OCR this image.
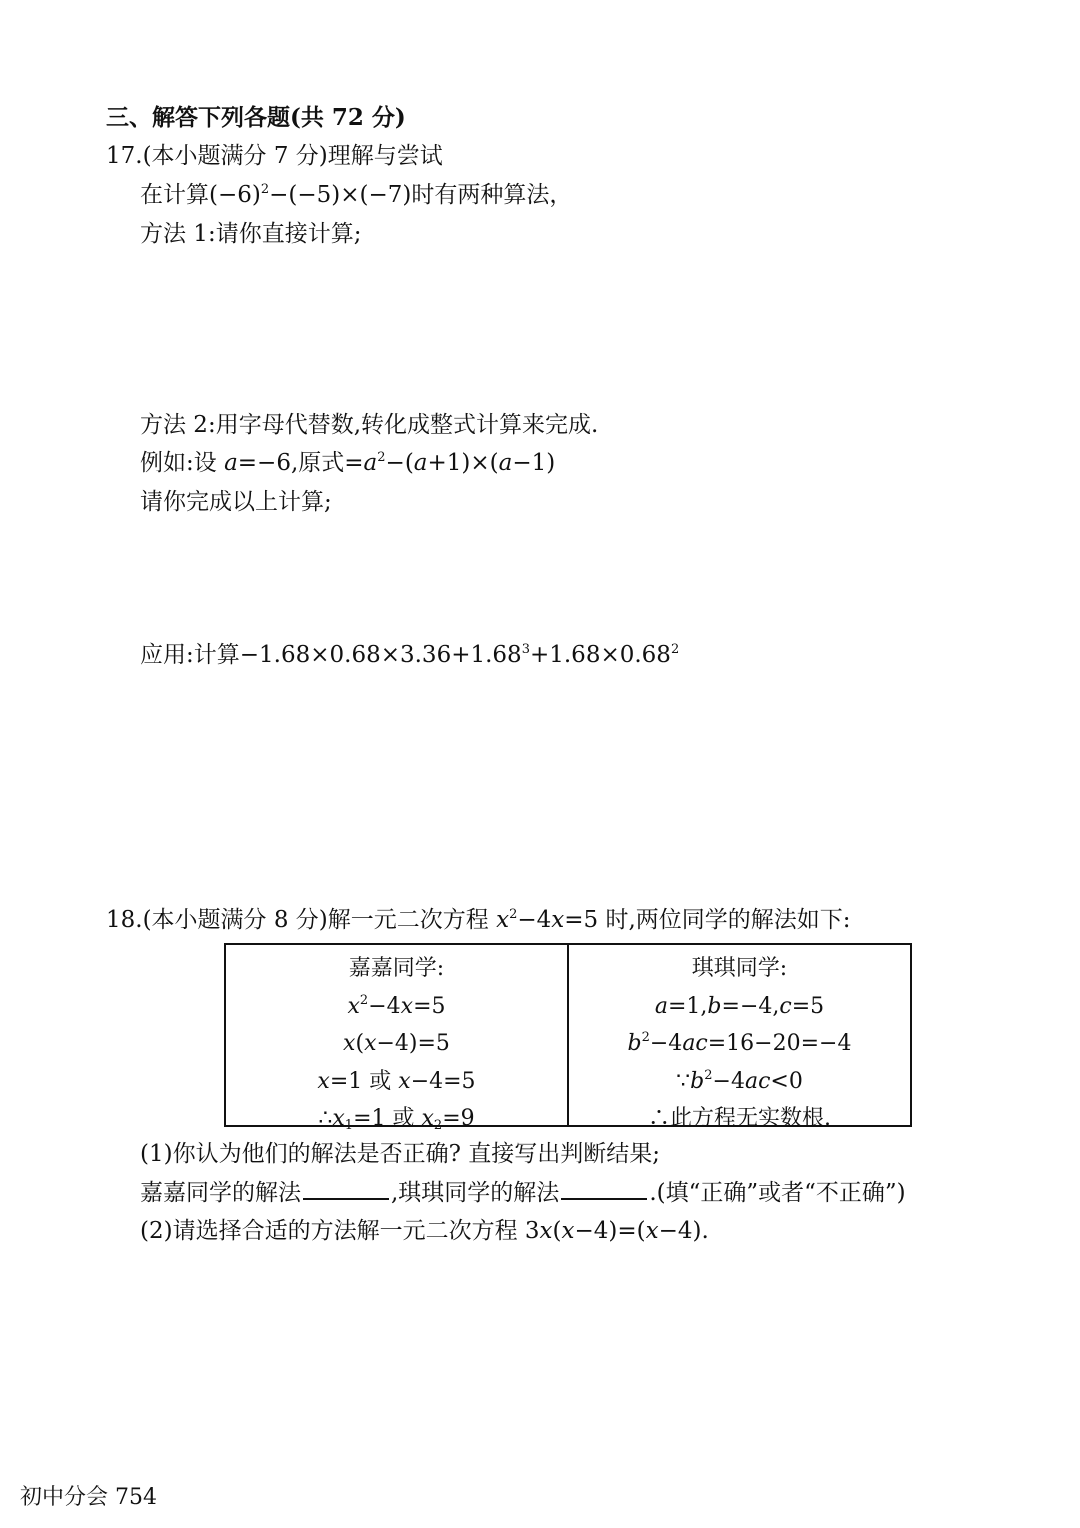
三、解答下列各题(共 72 分)
17.(本小题满分 7 分)理解与尝试
在计算$(-6)^2-(-5)\times(-7)$时有两种算法，
方法 1:请你直接计算;
方法 2:用字母代替数,转化成整式计算来完成.
例如:设 a=−6,原式$=a^2-(a+1)\times(a-1)$
请你完成以上计算;
应用:计算$-1.68\times 0.68\times 3.36+1.68^3+1.68\times 0.68^2$
18.(本小题满分 8 分)解一元二次方程 $x^2-4x=5$ 时,两位同学的解法如下:
嘉嘉同学:
$x^2-4x=5$
x(x−4)=5
x=1 或 x−4=5
$\therefore x_1=1$ 或 $x_2=9$
琪琪同学:
a=1,b=−4,c=5
$b^2-4ac=16-20=-4$
$\because b^2-4ac<0$
∴此方程无实数根.
(1)你认为他们的解法是否正确? 直接写出判断结果;
嘉嘉同学的解法	,琪琪同学的解法	.(填“正确”或者“不正确”)
(2)请选择合适的方法解一元二次方程 3x(x−4)=(x−4).
初中分会 754
